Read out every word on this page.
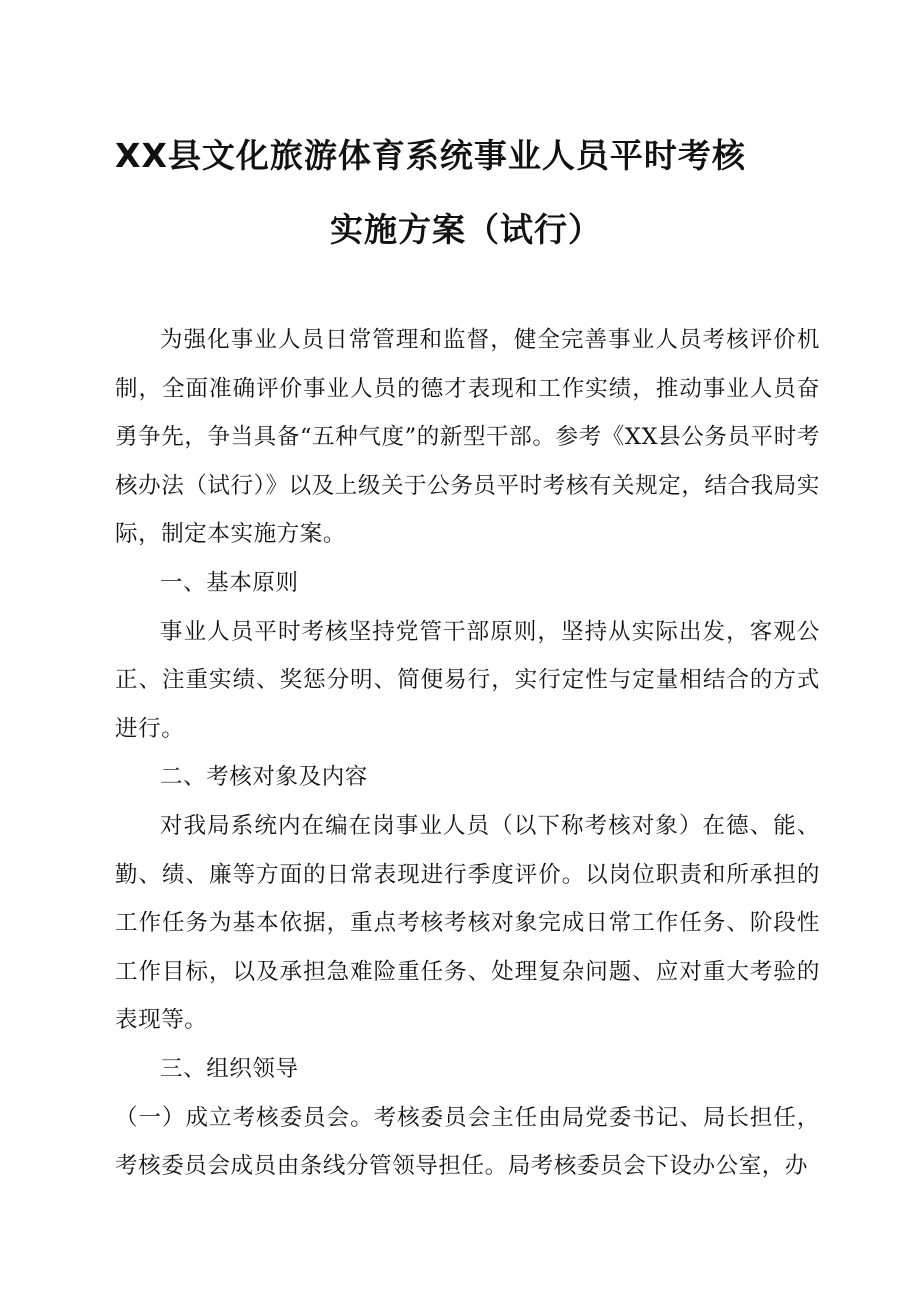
XX县文化旅游体育系统事业人员平时考核
实施方案（试行）

为强化事业人员日常管理和监督，健全完善事业人员考核评价机制，全面准确评价事业人员的德才表现和工作实绩，推动事业人员奋勇争先，争当具备“五种气度”的新型干部。参考《XX县公务员平时考核办法（试行）》以及上级关于公务员平时考核有关规定，结合我局实际，制定本实施方案。

一、基本原则

事业人员平时考核坚持党管干部原则，坚持从实际出发，客观公正、注重实绩、奖惩分明、简便易行，实行定性与定量相结合的方式进行。

二、考核对象及内容

对我局系统内在编在岗事业人员（以下称考核对象）在德、能、勤、绩、廉等方面的日常表现进行季度评价。以岗位职责和所承担的工作任务为基本依据，重点考核考核对象完成日常工作任务、阶段性工作目标，以及承担急难险重任务、处理复杂问题、应对重大考验的表现等。

三、组织领导

（一）成立考核委员会。考核委员会主任由局党委书记、局长担任，考核委员会成员由条线分管领导担任。局考核委员会下设办公室，办
